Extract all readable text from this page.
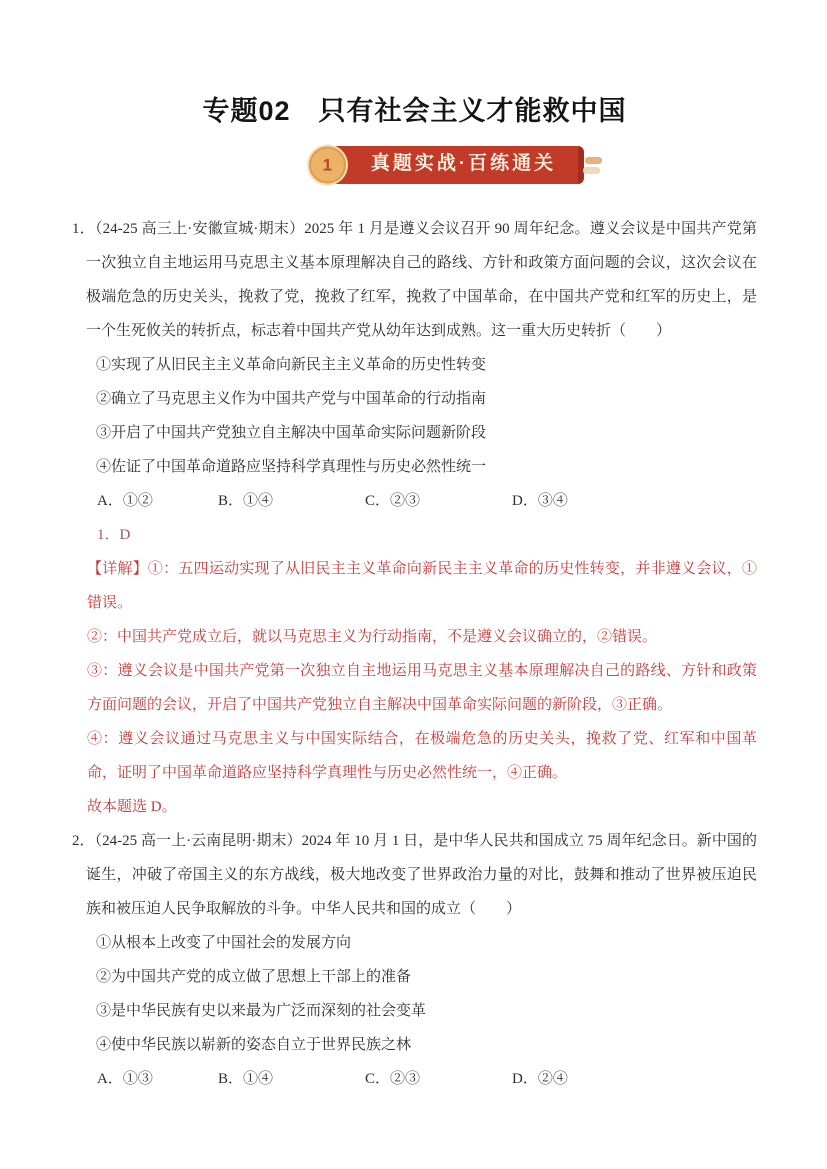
专题02　只有社会主义才能救中国
1	真题实战·百练通关

1．（24-25 高三上·安徽宣城·期末）2025 年 1 月是遵义会议召开 90 周年纪念。遵义会议是中国共产党第一次独立自主地运用马克思主义基本原理解决自己的路线、方针和政策方面问题的会议，这次会议在极端危急的历史关头，挽救了党，挽救了红军，挽救了中国革命，在中国共产党和红军的历史上，是一个生死攸关的转折点，标志着中国共产党从幼年达到成熟。这一重大历史转折（　　）

①实现了从旧民主主义革命向新民主主义革命的历史性转变
②确立了马克思主义作为中国共产党与中国革命的行动指南
③开启了中国共产党独立自主解决中国革命实际问题新阶段
④佐证了中国革命道路应坚持科学真理性与历史必然性统一
A．①②	B．①④	C．②③	D．③④

1．D

【详解】①：五四运动实现了从旧民主主义革命向新民主主义革命的历史性转变，并非遵义会议，①错误。

②：中国共产党成立后，就以马克思主义为行动指南，不是遵义会议确立的，②错误。

③：遵义会议是中国共产党第一次独立自主地运用马克思主义基本原理解决自己的路线、方针和政策方面问题的会议，开启了中国共产党独立自主解决中国革命实际问题的新阶段，③正确。

④：遵义会议通过马克思主义与中国实际结合，在极端危急的历史关头，挽救了党、红军和中国革命，证明了中国革命道路应坚持科学真理性与历史必然性统一，④正确。

故本题选 D。

2．（24-25 高一上·云南昆明·期末）2024 年 10 月 1 日，是中华人民共和国成立 75 周年纪念日。新中国的诞生，冲破了帝国主义的东方战线，极大地改变了世界政治力量的对比，鼓舞和推动了世界被压迫民族和被压迫人民争取解放的斗争。中华人民共和国的成立（　　）

①从根本上改变了中国社会的发展方向
②为中国共产党的成立做了思想上干部上的准备
③是中华民族有史以来最为广泛而深刻的社会变革
④使中华民族以崭新的姿态自立于世界民族之林
A．①③	B．①④	C．②③	D．②④
